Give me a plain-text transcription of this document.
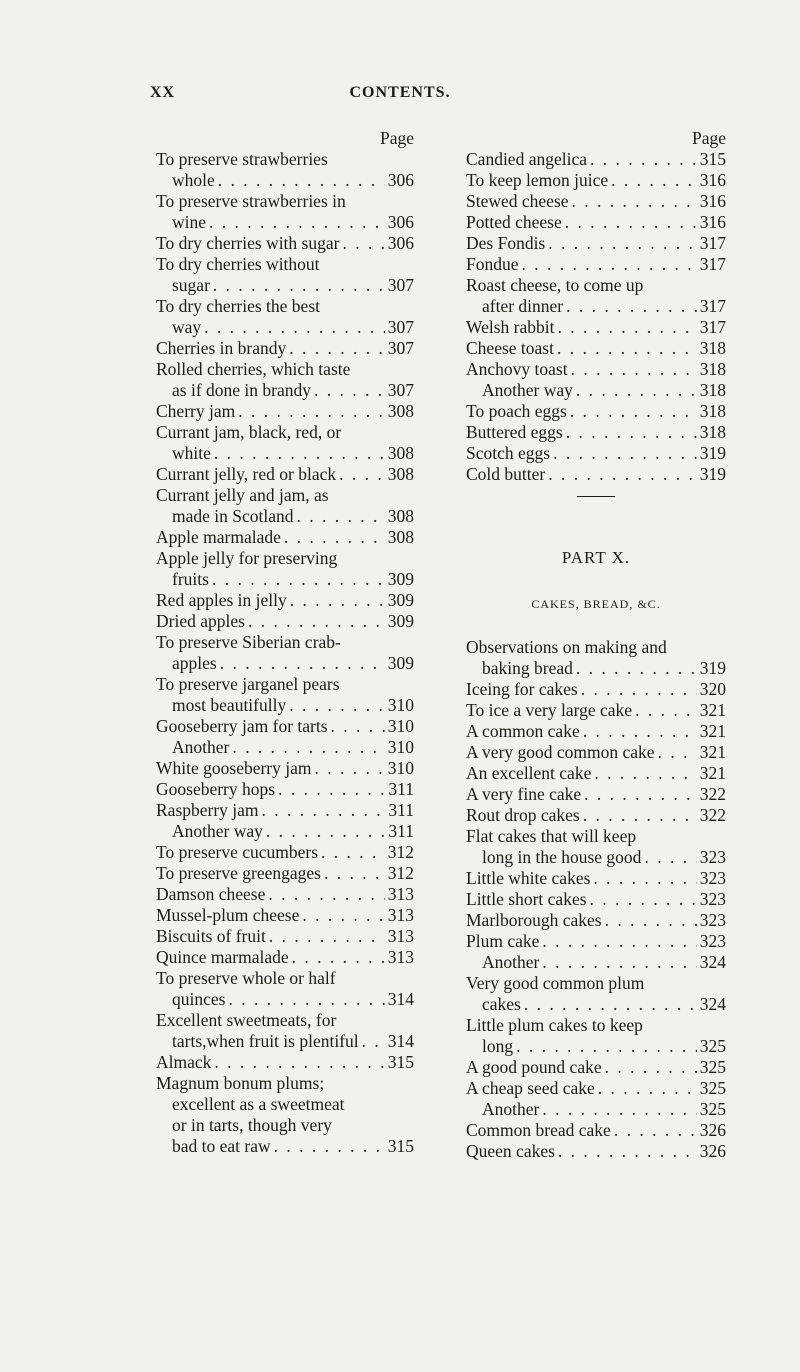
XX	CONTENTS.
Page
To preserve strawberries
whole . . .	306
To preserve strawberries in
wine . . .	306
To dry cherries with sugar . . .	306
To dry cherries without
sugar . . .	307
To dry cherries the best
way . . .	307
Cherries in brandy . . .	307
Rolled cherries, which taste
as if done in brandy . . .	307
Cherry jam . . .	308
Currant jam, black, red, or
white . . .	308
Currant jelly, red or black . . .	308
Currant jelly and jam, as
made in Scotland . . .	308
Apple marmalade . . .	308
Apple jelly for preserving
fruits . . .	309
Red apples in jelly . . .	309
Dried apples . . .	309
To preserve Siberian crab-
apples . . .	309
To preserve jarganel pears
most beautifully . . .	310
Gooseberry jam for tarts . . .	310
Another . . .	310
White gooseberry jam . . .	310
Gooseberry hops . . .	311
Raspberry jam . . .	311
Another way . . .	311
To preserve cucumbers . . .	312
To preserve greengages . . .	312
Damson cheese . . .	313
Mussel-plum cheese . . .	313
Biscuits of fruit . . .	313
Quince marmalade . . .	313
To preserve whole or half
quinces . . .	314
Excellent sweetmeats, for
tarts,when fruit is plentiful . . . 314
Almack . . .	315
Magnum bonum plums;
excellent as a sweetmeat
or in tarts, though very
bad to eat raw . . .	315
Page
Candied angelica . . .	315
To keep lemon juice . . .	316
Stewed cheese . . .	316
Potted cheese . . .	316
Des Fondis . . .	317
Fondue . . .	317
Roast cheese, to come up
after dinner . . .	317
Welsh rabbit . . .	317
Cheese toast . . .	318
Anchovy toast . . .	318
Another way . . .	318
To poach eggs . . .	318
Buttered eggs . . .	318
Scotch eggs . . .	319
Cold butter . . .	319
PART X.
CAKES, BREAD, &C.
Observations on making and
baking bread . . .	319
Iceing for cakes . . .	320
To ice a very large cake . . .	321
A common cake . . .	321
A very good common cake . . .	321
An excellent cake . . .	321
A very fine cake . . .	322
Rout drop cakes . . .	322
Flat cakes that will keep
long in the house good . . .	323
Little white cakes . . .	323
Little short cakes . . .	323
Marlborough cakes . . .	323
Plum cake . . .	323
Another . . .	324
Very good common plum
cakes . . .	324
Little plum cakes to keep
long . . .	325
A good pound cake . . .	325
A cheap seed cake . . .	325
Another . . .	325
Common bread cake . . .	326
Queen cakes . . .	326
